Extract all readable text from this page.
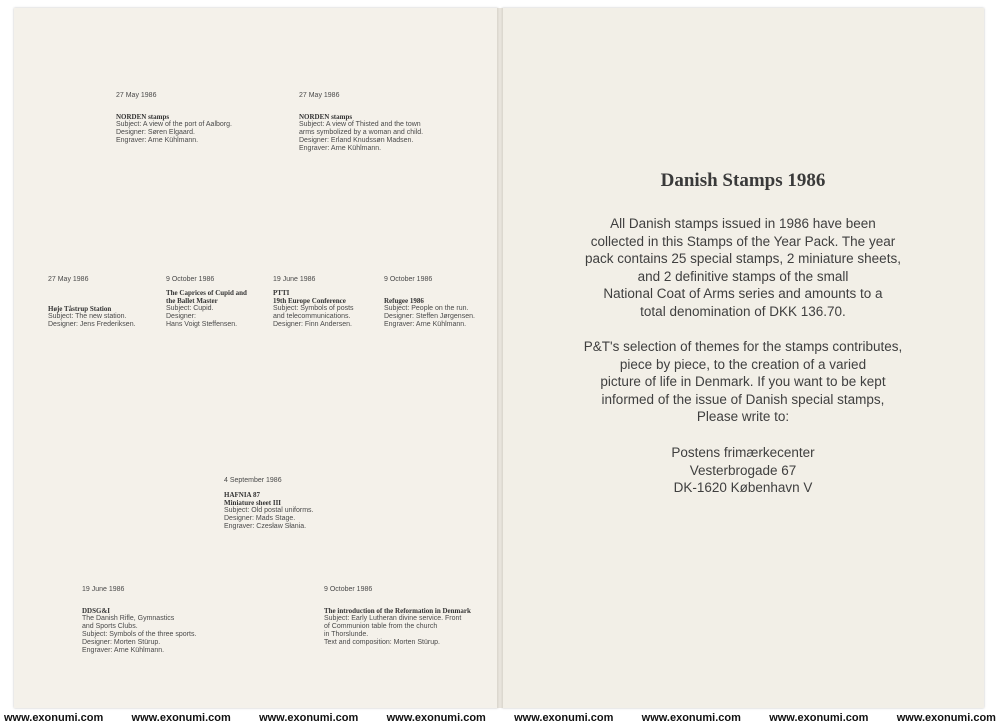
27 May 1986
NORDEN stamps
Subject: A view of the port of Aalborg.
Designer: Søren Elgaard.
Engraver: Arne Kühlmann.
27 May 1986
NORDEN stamps
Subject: A view of Thisted and the town
arms symbolized by a woman and child.
Designer: Erland Knudssøn Madsen.
Engraver: Arne Kühlmann.
27 May 1986
Høje Tåstrup Station
Subject: The new station.
Designer: Jens Frederiksen.
9 October 1986
The Caprices of Cupid and
the Ballet Master
Subject: Cupid.
Designer:
Hans Voigt Steffensen.
19 June 1986
PTTI
19th Europe Conference
Subject: Symbols of posts
and telecommunications.
Designer: Finn Andersen.
9 October 1986
Refugee 1986
Subject: People on the run.
Designer: Steffen Jørgensen.
Engraver: Arne Kühlmann.
4 September 1986
HAFNIA 87
Miniature sheet III
Subject: Old postal uniforms.
Designer: Mads Stage.
Engraver: Czesław Słania.
19 June 1986
DDSG&I
The Danish Rifle, Gymnastics
and Sports Clubs.
Subject: Symbols of the three sports.
Designer: Morten Stürup.
Engraver: Arne Kühlmann.
9 October 1986
The introduction of the Reformation in Denmark
Subject: Early Lutheran divine service. Front
of Communion table from the church
in Thorslunde.
Text and composition: Morten Stürup.
Danish Stamps 1986
All Danish stamps issued in 1986 have been
collected in this Stamps of the Year Pack. The year
pack contains 25 special stamps, 2 miniature sheets,
and 2 definitive stamps of the small
National Coat of Arms series and amounts to a
total denomination of DKK 136.70.
P&T's selection of themes for the stamps contributes,
piece by piece, to the creation of a varied
picture of life in Denmark. If you want to be kept
informed of the issue of Danish special stamps,
Please write to:
Postens frimærkecenter
Vesterbrogade 67
DK-1620 København V
www.exonumi.com	www.exonumi.com	www.exonumi.com	www.exonumi.com	www.exonumi.com	www.exonumi.com	www.exonumi.com	www.exonumi.com
